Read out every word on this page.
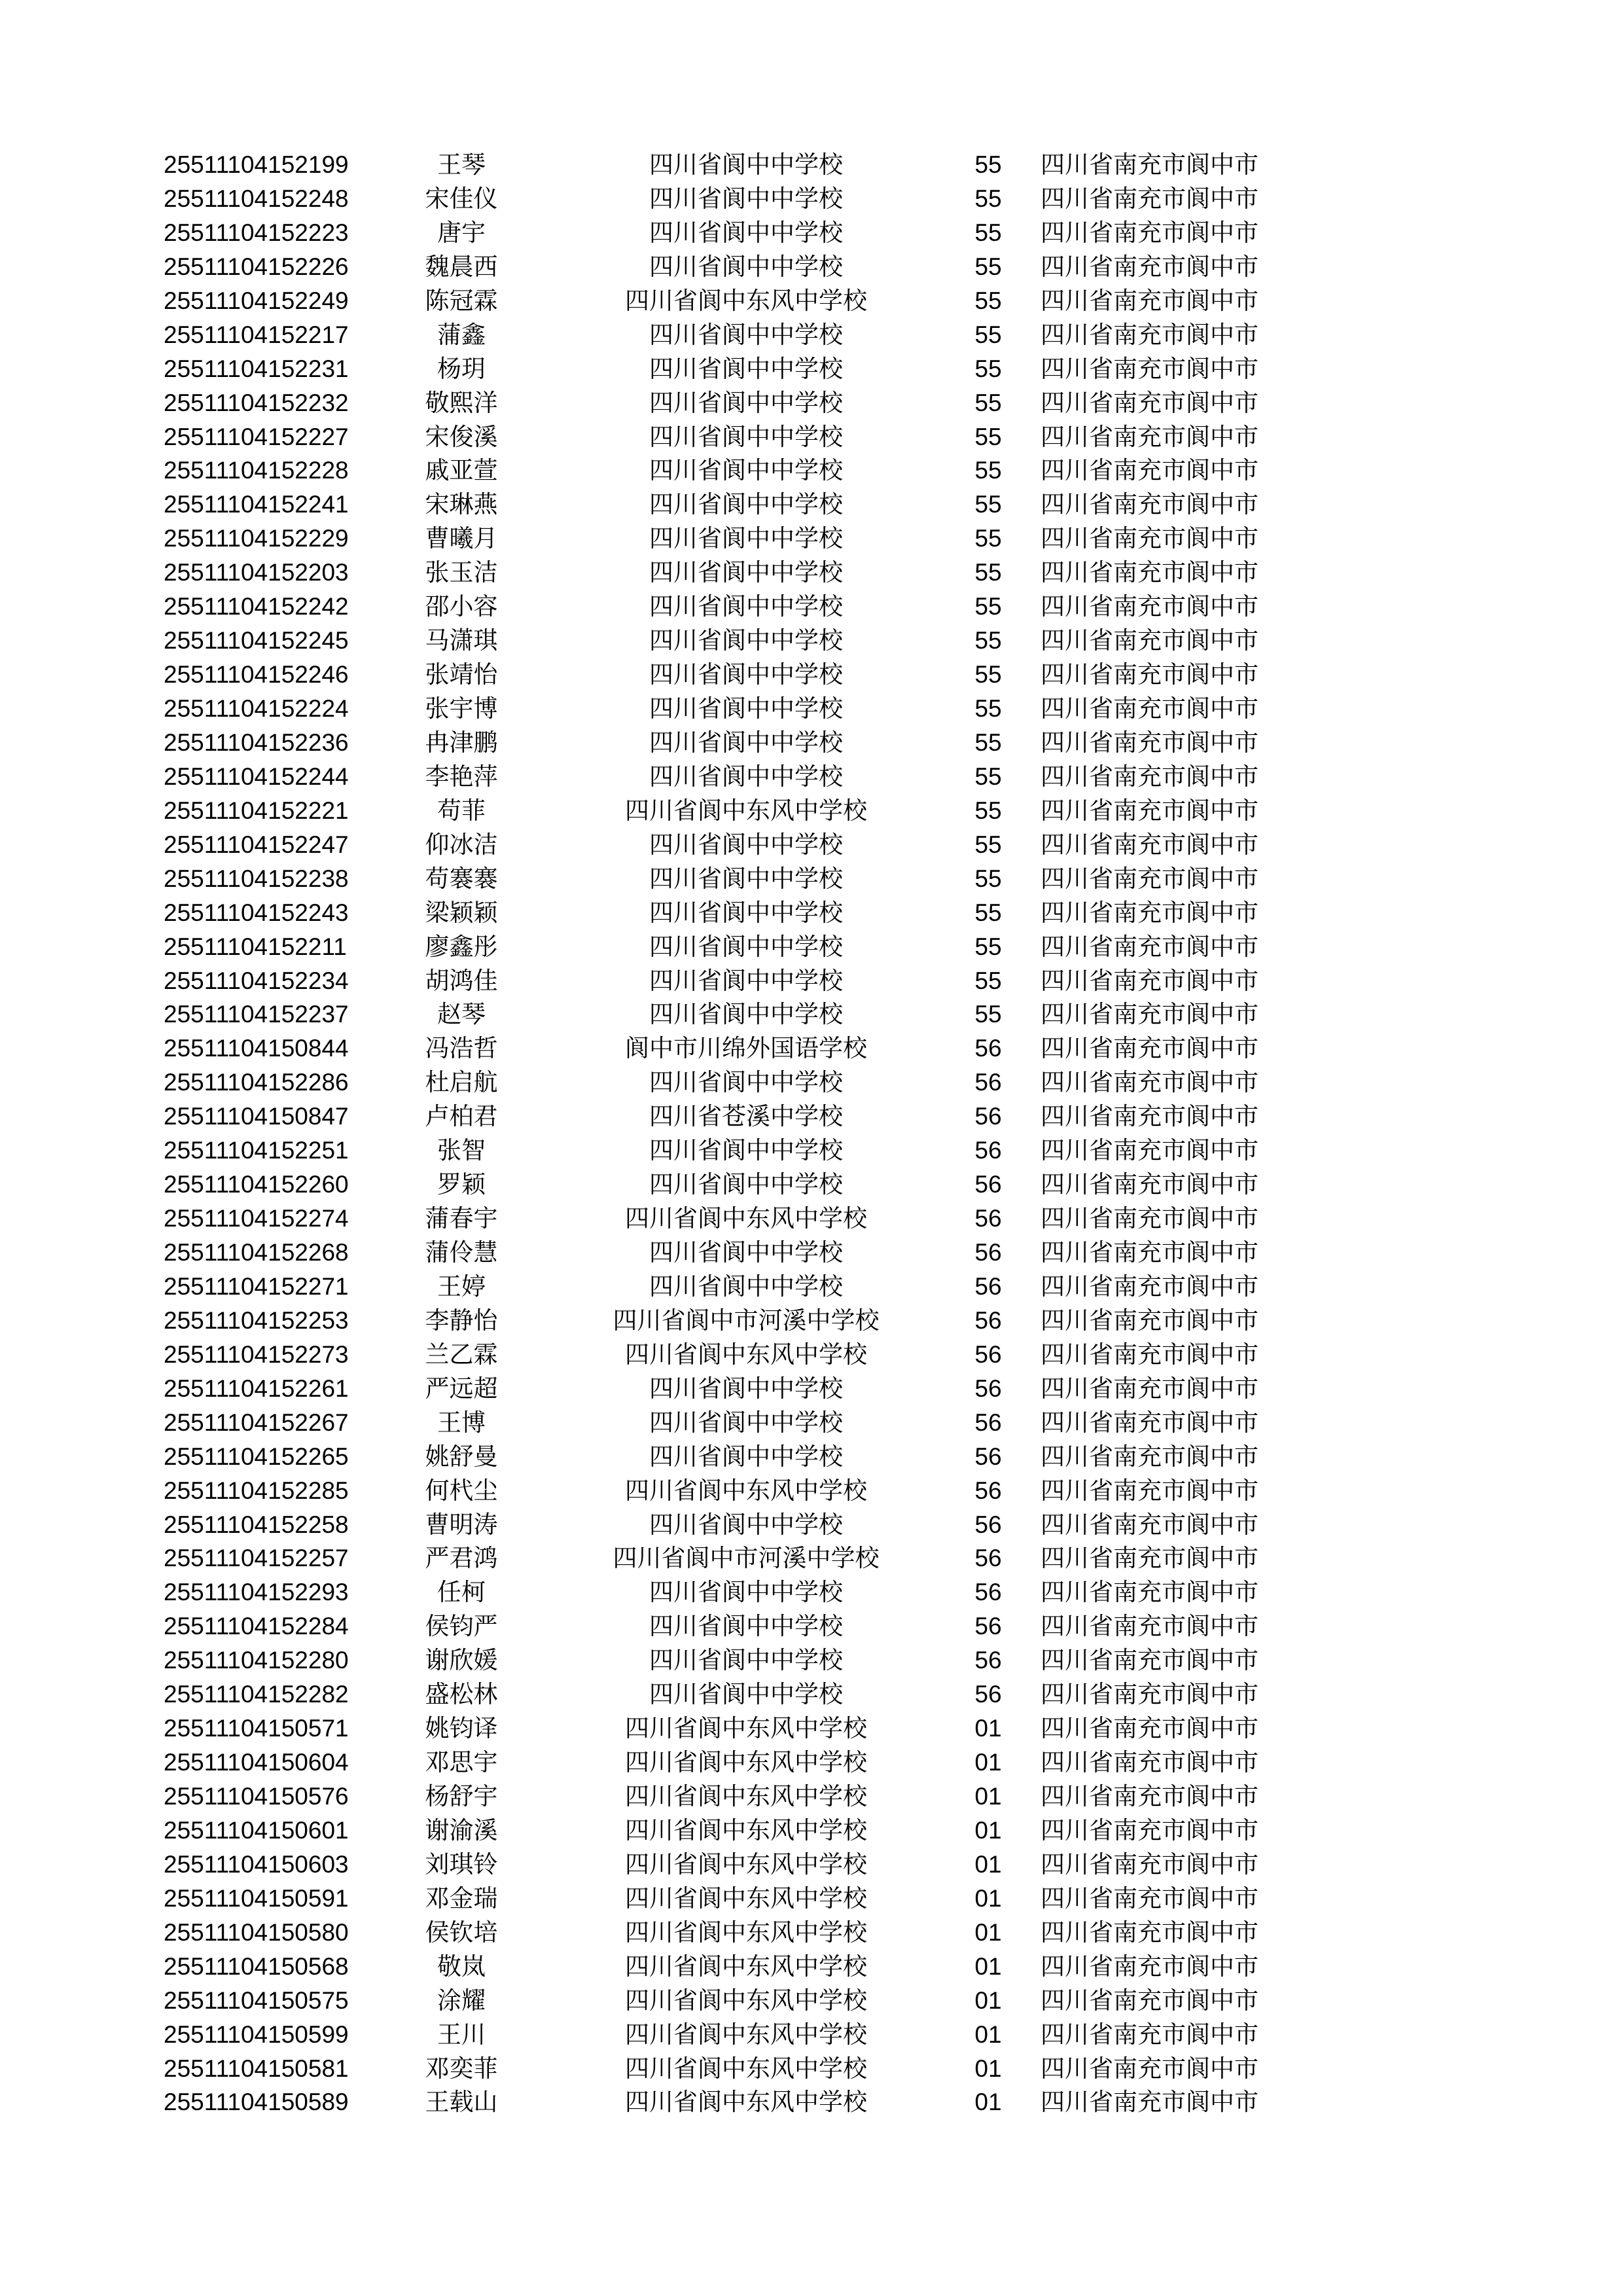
25511104152199	王琴	四川省阆中中学校	55	四川省南充市阆中市
25511104152248	宋佳仪	四川省阆中中学校	55	四川省南充市阆中市
25511104152223	唐宇	四川省阆中中学校	55	四川省南充市阆中市
25511104152226	魏晨西	四川省阆中中学校	55	四川省南充市阆中市
25511104152249	陈冠霖	四川省阆中东风中学校	55	四川省南充市阆中市
25511104152217	蒲鑫	四川省阆中中学校	55	四川省南充市阆中市
25511104152231	杨玥	四川省阆中中学校	55	四川省南充市阆中市
25511104152232	敬熙洋	四川省阆中中学校	55	四川省南充市阆中市
25511104152227	宋俊溪	四川省阆中中学校	55	四川省南充市阆中市
25511104152228	戚亚萱	四川省阆中中学校	55	四川省南充市阆中市
25511104152241	宋琳燕	四川省阆中中学校	55	四川省南充市阆中市
25511104152229	曹曦月	四川省阆中中学校	55	四川省南充市阆中市
25511104152203	张玉洁	四川省阆中中学校	55	四川省南充市阆中市
25511104152242	邵小容	四川省阆中中学校	55	四川省南充市阆中市
25511104152245	马潇琪	四川省阆中中学校	55	四川省南充市阆中市
25511104152246	张靖怡	四川省阆中中学校	55	四川省南充市阆中市
25511104152224	张宇博	四川省阆中中学校	55	四川省南充市阆中市
25511104152236	冉津鹏	四川省阆中中学校	55	四川省南充市阆中市
25511104152244	李艳萍	四川省阆中中学校	55	四川省南充市阆中市
25511104152221	苟菲	四川省阆中东风中学校	55	四川省南充市阆中市
25511104152247	仰冰洁	四川省阆中中学校	55	四川省南充市阆中市
25511104152238	苟褰褰	四川省阆中中学校	55	四川省南充市阆中市
25511104152243	梁颖颖	四川省阆中中学校	55	四川省南充市阆中市
25511104152211	廖鑫彤	四川省阆中中学校	55	四川省南充市阆中市
25511104152234	胡鸿佳	四川省阆中中学校	55	四川省南充市阆中市
25511104152237	赵琴	四川省阆中中学校	55	四川省南充市阆中市
25511104150844	冯浩哲	阆中市川绵外国语学校	56	四川省南充市阆中市
25511104152286	杜启航	四川省阆中中学校	56	四川省南充市阆中市
25511104150847	卢柏君	四川省苍溪中学校	56	四川省南充市阆中市
25511104152251	张智	四川省阆中中学校	56	四川省南充市阆中市
25511104152260	罗颖	四川省阆中中学校	56	四川省南充市阆中市
25511104152274	蒲春宇	四川省阆中东风中学校	56	四川省南充市阆中市
25511104152268	蒲伶慧	四川省阆中中学校	56	四川省南充市阆中市
25511104152271	王婷	四川省阆中中学校	56	四川省南充市阆中市
25511104152253	李静怡	四川省阆中市河溪中学校	56	四川省南充市阆中市
25511104152273	兰乙霖	四川省阆中东风中学校	56	四川省南充市阆中市
25511104152261	严远超	四川省阆中中学校	56	四川省南充市阆中市
25511104152267	王博	四川省阆中中学校	56	四川省南充市阆中市
25511104152265	姚舒曼	四川省阆中中学校	56	四川省南充市阆中市
25511104152285	何杙尘	四川省阆中东风中学校	56	四川省南充市阆中市
25511104152258	曹明涛	四川省阆中中学校	56	四川省南充市阆中市
25511104152257	严君鸿	四川省阆中市河溪中学校	56	四川省南充市阆中市
25511104152293	任柯	四川省阆中中学校	56	四川省南充市阆中市
25511104152284	侯钧严	四川省阆中中学校	56	四川省南充市阆中市
25511104152280	谢欣媛	四川省阆中中学校	56	四川省南充市阆中市
25511104152282	盛松林	四川省阆中中学校	56	四川省南充市阆中市
25511104150571	姚钧译	四川省阆中东风中学校	01	四川省南充市阆中市
25511104150604	邓思宇	四川省阆中东风中学校	01	四川省南充市阆中市
25511104150576	杨舒宇	四川省阆中东风中学校	01	四川省南充市阆中市
25511104150601	谢渝溪	四川省阆中东风中学校	01	四川省南充市阆中市
25511104150603	刘琪铃	四川省阆中东风中学校	01	四川省南充市阆中市
25511104150591	邓金瑞	四川省阆中东风中学校	01	四川省南充市阆中市
25511104150580	侯钦培	四川省阆中东风中学校	01	四川省南充市阆中市
25511104150568	敬岚	四川省阆中东风中学校	01	四川省南充市阆中市
25511104150575	涂耀	四川省阆中东风中学校	01	四川省南充市阆中市
25511104150599	王川	四川省阆中东风中学校	01	四川省南充市阆中市
25511104150581	邓奕菲	四川省阆中东风中学校	01	四川省南充市阆中市
25511104150589	王载山	四川省阆中东风中学校	01	四川省南充市阆中市
